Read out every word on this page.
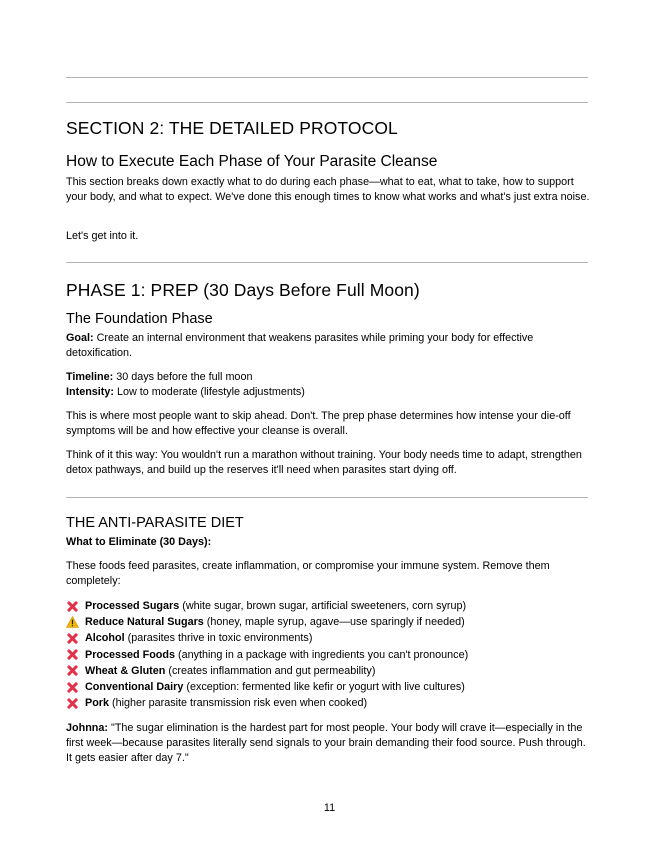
SECTION 2: THE DETAILED PROTOCOL
How to Execute Each Phase of Your Parasite Cleanse

This section breaks down exactly what to do during each phase—what to eat, what to take, how to support your body, and what to expect. We've done this enough times to know what works and what's just extra noise.

Let's get into it.

PHASE 1: PREP (30 Days Before Full Moon)
The Foundation Phase

Goal: Create an internal environment that weakens parasites while priming your body for effective detoxification.

Timeline: 30 days before the full moon

Intensity: Low to moderate (lifestyle adjustments)

This is where most people want to skip ahead. Don't. The prep phase determines how intense your die-off symptoms will be and how effective your cleanse is overall.

Think of it this way: You wouldn't run a marathon without training. Your body needs time to adapt, strengthen detox pathways, and build up the reserves it'll need when parasites start dying off.

THE ANTI-PARASITE DIET

What to Eliminate (30 Days):

These foods feed parasites, create inflammation, or compromise your immune system. Remove them completely:

Processed Sugars (white sugar, brown sugar, artificial sweeteners, corn syrup)
Reduce Natural Sugars (honey, maple syrup, agave—use sparingly if needed)
Alcohol (parasites thrive in toxic environments)
Processed Foods (anything in a package with ingredients you can't pronounce)
Wheat & Gluten (creates inflammation and gut permeability)
Conventional Dairy (exception: fermented like kefir or yogurt with live cultures)
Pork (higher parasite transmission risk even when cooked)

Johnna: "The sugar elimination is the hardest part for most people. Your body will crave it—especially in the first week—because parasites literally send signals to your brain demanding their food source. Push through. It gets easier after day 7."

11
